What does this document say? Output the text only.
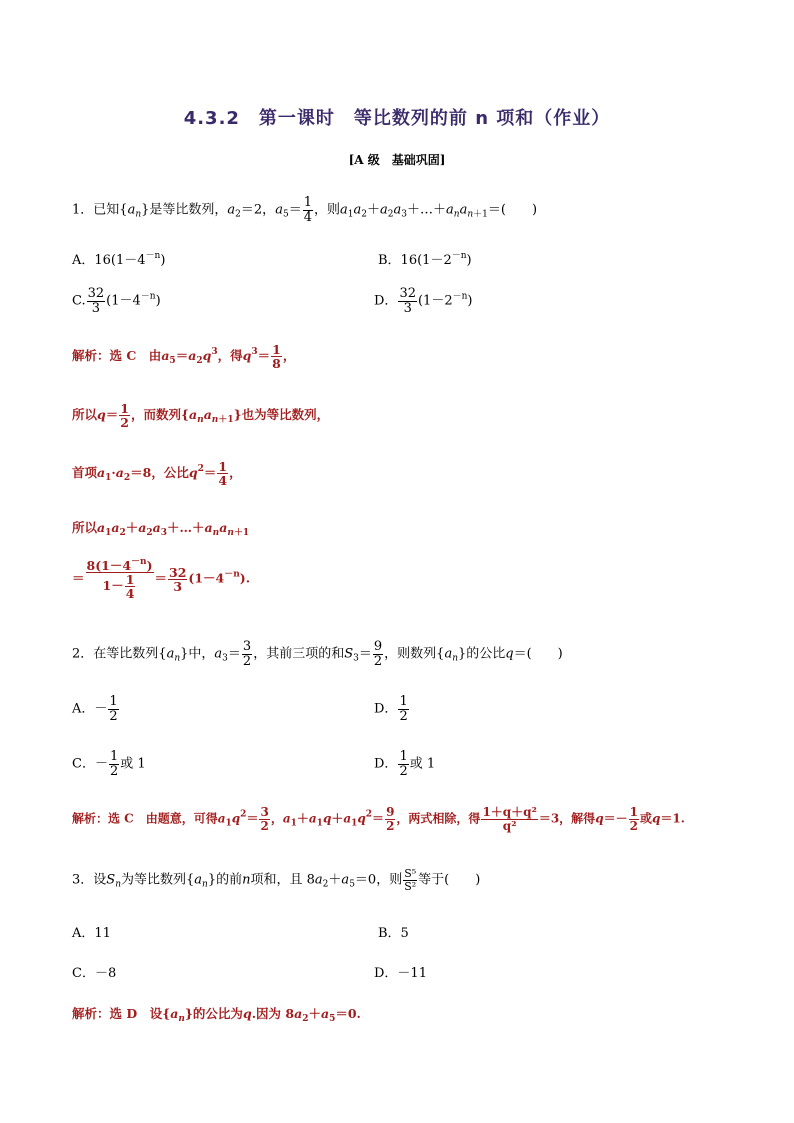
4.3.2　第一课时　等比数列的前 n 项和（作业）
[A 级　基础巩固]
1．已知$\{a_n\}$是等比数列，$a_2=2$，$a_5= \frac{1}{4}$ ，则$a_1a_2+a_2a_3+\dots+a_na_{n+1}=$(　　)
A．$16(1-4^{-n})$	B．$16(1-2^{-n})$
C. $\frac{32}{3} (1-4^{-n})$	D． $\frac{32}{3} (1-2^{-n})$
解析：选 C　由$a_5=a_2q^3$，得$q^3= \frac{1}{8}$ ，
所以$q= \frac{1}{2}$ ，而数列$\{a_na_{n+1}\}$也为等比数列，
首项$a_1\cdot a_2=8$，公比$q^2= \frac{1}{4}$ ，
所以$a_1a_2+a_2a_3+\dots+a_na_{n+1}$
＝ $\frac{8(1-4^{-n})}{1- \frac{1}{4}} = \frac{32}{3} (1-4^{-n})$.
2．在等比数列$\{a_n\}$中，$a_3= \frac{3}{2}$ ，其前三项的和$S_3= \frac{9}{2}$ ，则数列$\{a_n\}$的公比q＝(　　)
A．－ $\frac{1}{2}$	D． $\frac{1}{2}$
C．－ $\frac{1}{2}$ 或 1	D． $\frac{1}{2}$ 或 1
解析：选 C　由题意，可得$a_1q^2= \frac{3}{2}$ ，$a_1+a_1q+a_1q^2= \frac{9}{2}$ ，两式相除，得 $\frac{\text{1＋q＋q²}}{\text{q²}} =3$，解得$q=- \frac{1}{2}$ 或q＝1.
3．设$S_n$为等比数列$\{a_n\}$的前n项和，且 $8a_2+a_5=0$，则 $\frac{\text{S⁵}}{\text{S²}}$ 等于(　　)
A．11	B．5
C．－8	D．－11
解析：选 D　设$\{a_n\}$的公比为q.因为 $8a_2+a_5=0$.
